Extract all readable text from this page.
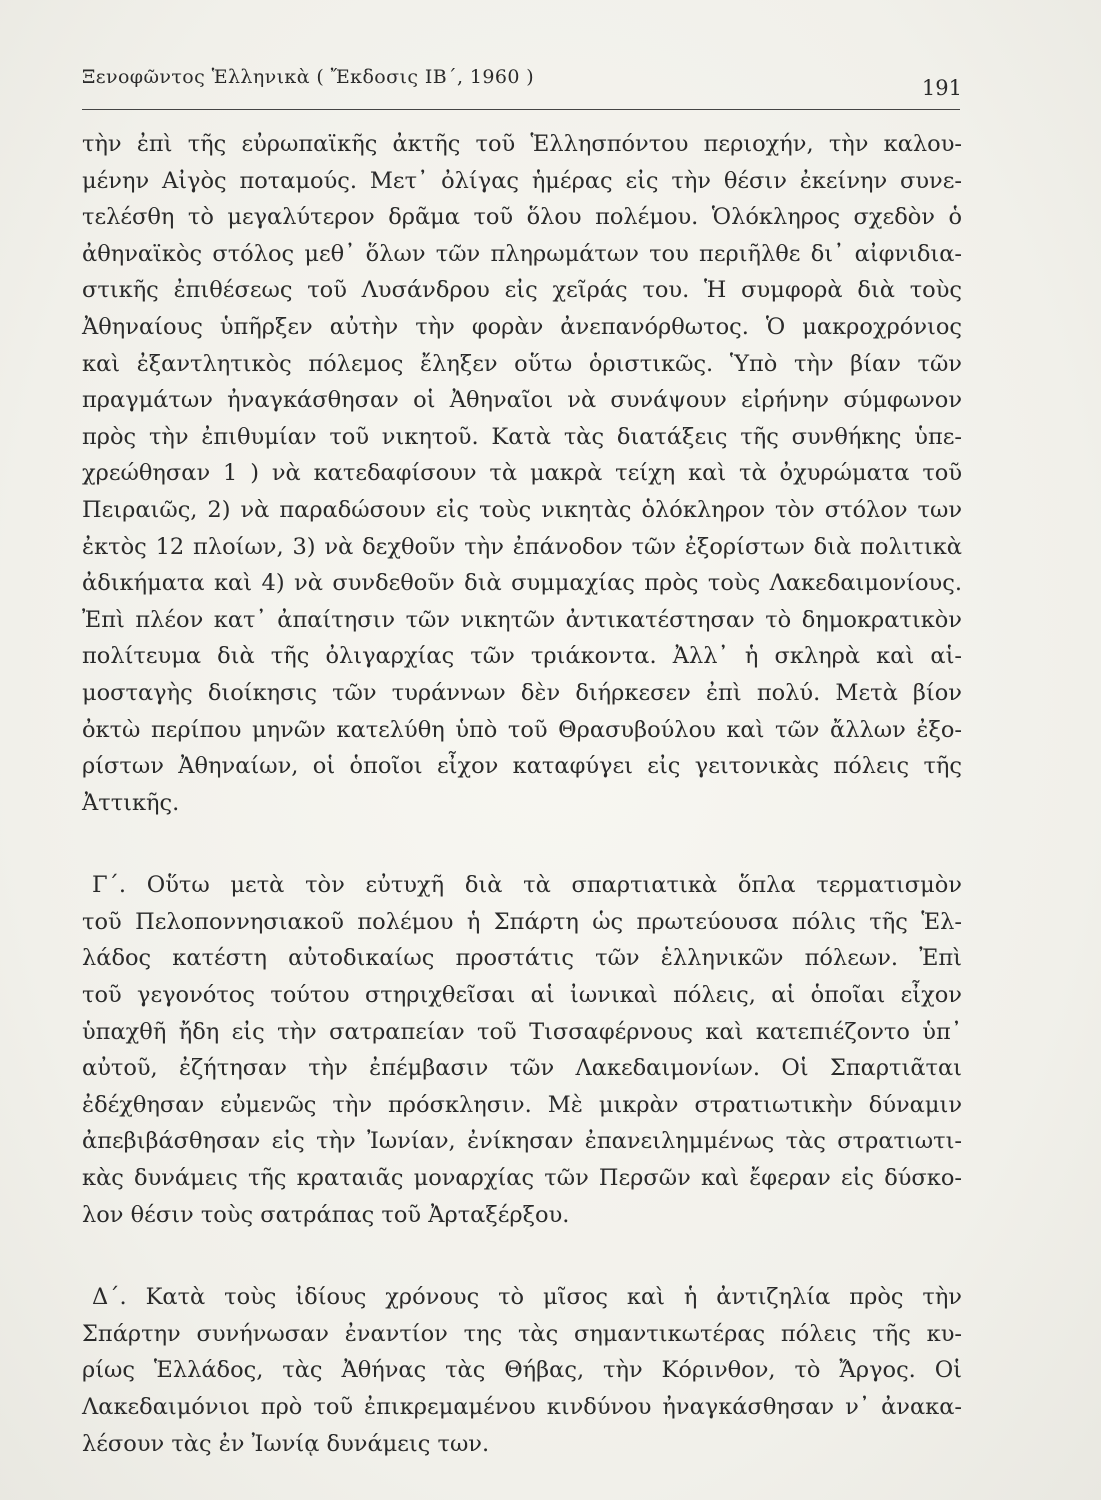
Ξενοφῶντος Ἑλληνικὰ ( Ἔκδοσις ΙΒ΄, 1960 )	191
τὴν ἐπὶ τῆς εὐρωπαϊκῆς ἀκτῆς τοῦ Ἑλλησπόντου περιοχήν, τὴν καλου-
μένην Αἰγὸς ποταμούς. Μετ᾽ ὀλίγας ἡμέρας εἰς τὴν θέσιν ἐκείνην συνε-
τελέσθη τὸ μεγαλύτερον δρᾶμα τοῦ ὅλου πολέμου. Ὁλόκληρος σχεδὸν ὁ
ἀθηναϊκὸς στόλος μεθ᾽ ὅλων τῶν πληρωμάτων του περιῆλθε δι᾽ αἰφνιδια-
στικῆς ἐπιθέσεως τοῦ Λυσάνδρου εἰς χεῖράς του. Ἡ συμφορὰ διὰ τοὺς
Ἀθηναίους ὑπῆρξεν αὐτὴν τὴν φορὰν ἀνεπανόρθωτος. Ὁ μακροχρόνιος
καὶ ἐξαντλητικὸς πόλεμος ἔληξεν οὕτω ὁριστικῶς. Ὑπὸ τὴν βίαν τῶν
πραγμάτων ἠναγκάσθησαν οἱ Ἀθηναῖοι νὰ συνάψουν εἰρήνην σύμφωνον
πρὸς τὴν ἐπιθυμίαν τοῦ νικητοῦ. Κατὰ τὰς διατάξεις τῆς συνθήκης ὑπε-
χρεώθησαν 1 ) νὰ κατεδαφίσουν τὰ μακρὰ τείχη καὶ τὰ ὀχυρώματα τοῦ
Πειραιῶς, 2) νὰ παραδώσουν εἰς τοὺς νικητὰς ὁλόκληρον τὸν στόλον των
ἐκτὸς 12 πλοίων, 3) νὰ δεχθοῦν τὴν ἐπάνοδον τῶν ἐξορίστων διὰ πολιτικὰ
ἀδικήματα καὶ 4) νὰ συνδεθοῦν διὰ συμμαχίας πρὸς τοὺς Λακεδαιμονίους.
Ἐπὶ πλέον κατ᾽ ἀπαίτησιν τῶν νικητῶν ἀντικατέστησαν τὸ δημοκρατικὸν
πολίτευμα διὰ τῆς ὀλιγαρχίας τῶν τριάκοντα. Ἀλλ᾽ ἡ σκληρὰ καὶ αἱ-
μοσταγὴς διοίκησις τῶν τυράννων δὲν διήρκεσεν ἐπὶ πολύ. Μετὰ βίον
ὀκτὼ περίπου μηνῶν κατελύθη ὑπὸ τοῦ Θρασυβούλου καὶ τῶν ἄλλων ἐξο-
ρίστων Ἀθηναίων, οἱ ὁποῖοι εἶχον καταφύγει εἰς γειτονικὰς πόλεις τῆς
Ἀττικῆς.
Γ΄. Οὕτω μετὰ τὸν εὐτυχῆ διὰ τὰ σπαρτιατικὰ ὅπλα τερματισμὸν
τοῦ Πελοποννησιακοῦ πολέμου ἡ Σπάρτη ὡς πρωτεύουσα πόλις τῆς Ἑλ-
λάδος κατέστη αὐτοδικαίως προστάτις τῶν ἑλληνικῶν πόλεων. Ἐπὶ
τοῦ γεγονότος τούτου στηριχθεῖσαι αἱ ἰωνικαὶ πόλεις, αἱ ὁποῖαι εἶχον
ὑπαχθῆ ἤδη εἰς τὴν σατραπείαν τοῦ Τισσαφέρνους καὶ κατεπιέζοντο ὑπ᾽
αὐτοῦ, ἐζήτησαν τὴν ἐπέμβασιν τῶν Λακεδαιμονίων. Οἱ Σπαρτιᾶται
ἐδέχθησαν εὐμενῶς τὴν πρόσκλησιν. Μὲ μικρὰν στρατιωτικὴν δύναμιν
ἀπεβιβάσθησαν εἰς τὴν Ἰωνίαν, ἐνίκησαν ἐπανειλημμένως τὰς στρατιωτι-
κὰς δυνάμεις τῆς κραταιᾶς μοναρχίας τῶν Περσῶν καὶ ἔφεραν εἰς δύσκο-
λον θέσιν τοὺς σατράπας τοῦ Ἀρταξέρξου.
Δ΄. Κατὰ τοὺς ἰδίους χρόνους τὸ μῖσος καὶ ἡ ἀντιζηλία πρὸς τὴν
Σπάρτην συνήνωσαν ἐναντίον της τὰς σημαντικωτέρας πόλεις τῆς κυ-
ρίως Ἑλλάδος, τὰς Ἀθήνας τὰς Θήβας, τὴν Κόρινθον, τὸ Ἄργος. Οἱ
Λακεδαιμόνιοι πρὸ τοῦ ἐπικρεμαμένου κινδύνου ἠναγκάσθησαν ν᾽ ἀνακα-
λέσουν τὰς ἐν Ἰωνίᾳ δυνάμεις των.
